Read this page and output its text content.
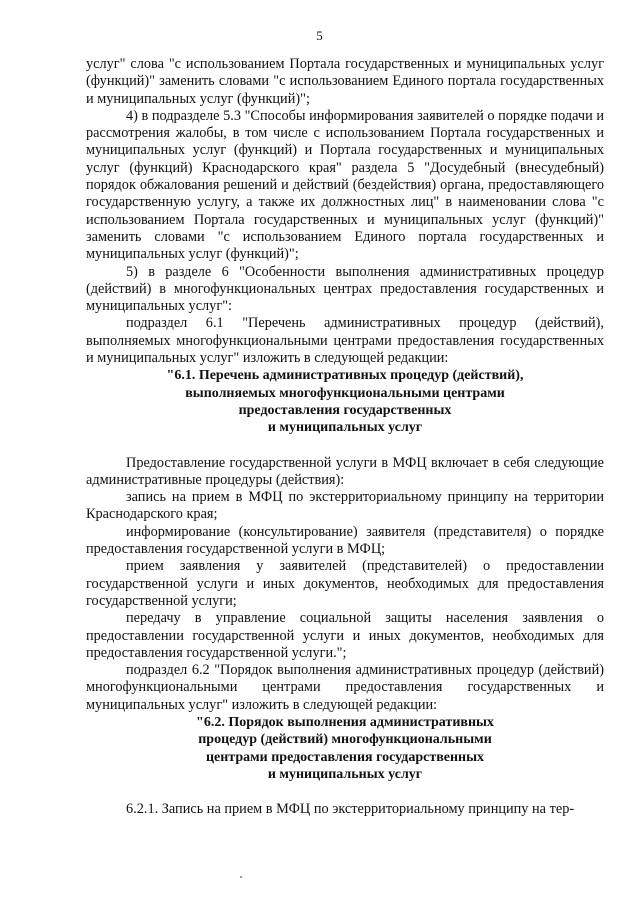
5

услуг" слова "с использованием Портала государственных и муниципальных услуг (функций)" заменить словами "с использованием Единого портала государственных и муниципальных услуг (функций)";

4) в подразделе 5.3 "Способы информирования заявителей о порядке подачи и рассмотрения жалобы, в том числе с использованием Портала государственных и муниципальных услуг (функций) и Портала государственных и муниципальных услуг (функций) Краснодарского края" раздела 5 "Досудебный (внесудебный) порядок обжалования решений и действий (бездействия) органа, предоставляющего государственную услугу, а также их должностных лиц" в наименовании слова "с использованием Портала государственных и муниципальных услуг (функций)" заменить словами "с использованием Единого портала государственных и муниципальных услуг (функций)";

5) в разделе 6 "Особенности выполнения административных процедур (действий) в многофункциональных центрах предоставления государственных и муниципальных услуг":

подраздел 6.1 "Перечень административных процедур (действий), выполняемых многофункциональными центрами предоставления государственных и муниципальных услуг" изложить в следующей редакции:

"6.1. Перечень административных процедур (действий),
выполняемых многофункциональными центрами
предоставления государственных
и муниципальных услуг

Предоставление государственной услуги в МФЦ включает в себя следующие административные процедуры (действия):

запись на прием в МФЦ по экстерриториальному принципу на территории Краснодарского края;

информирование (консультирование) заявителя (представителя) о порядке предоставления государственной услуги в МФЦ;

прием заявления у заявителей (представителей) о предоставлении государственной услуги и иных документов, необходимых для предоставления государственной услуги;

передачу в управление социальной защиты населения заявления о предоставлении государственной услуги и иных документов, необходимых для предоставления государственной услуги.";

подраздел 6.2 "Порядок выполнения административных процедур (действий) многофункциональными центрами предоставления государственных и муниципальных услуг" изложить в следующей редакции:

"6.2. Порядок выполнения административных
процедур (действий) многофункциональными
центрами предоставления государственных
и муниципальных услуг

6.2.1. Запись на прием в МФЦ по экстерриториальному принципу на тер-
